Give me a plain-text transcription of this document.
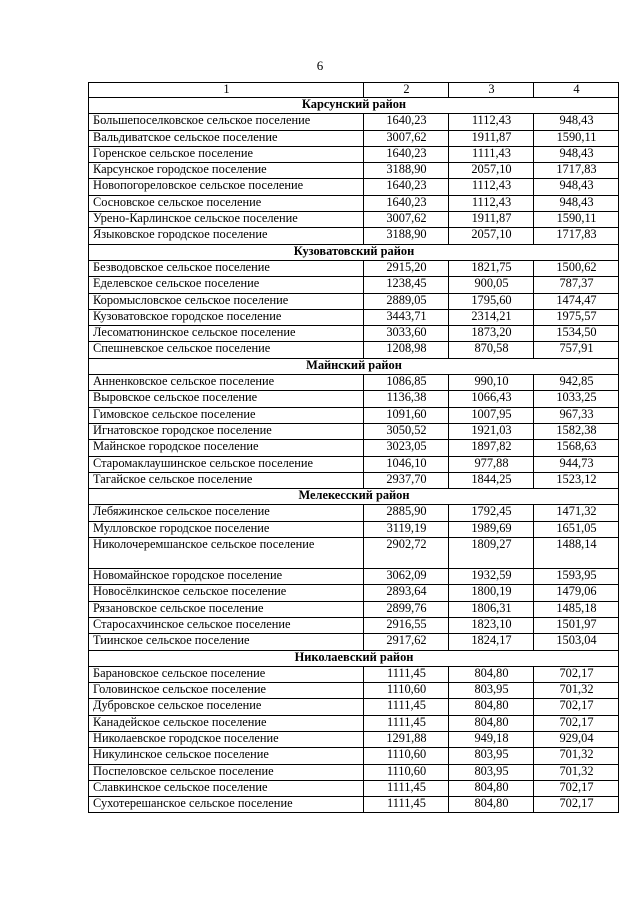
6
1	2	3	4
Карсунский район			
Большепоселковское сельское поселение	1640,23	1112,43	948,43
Вальдиватское сельское поселение	3007,62	1911,87	1590,11
Горенское сельское поселение	1640,23	1111,43	948,43
Карсунское городское поселение	3188,90	2057,10	1717,83
Новопогореловское сельское поселение	1640,23	1112,43	948,43
Сосновское сельское поселение	1640,23	1112,43	948,43
Урено-Карлинское сельское поселение	3007,62	1911,87	1590,11
Языковское городское поселение	3188,90	2057,10	1717,83
Кузоватовский район			
Безводовское сельское поселение	2915,20	1821,75	1500,62
Еделевское сельское поселение	1238,45	900,05	787,37
Коромысловское сельское поселение	2889,05	1795,60	1474,47
Кузоватовское городское поселение	3443,71	2314,21	1975,57
Лесоматюнинское сельское поселение	3033,60	1873,20	1534,50
Спешневское сельское поселение	1208,98	870,58	757,91
Майнский район			
Анненковское сельское поселение	1086,85	990,10	942,85
Выровское сельское поселение	1136,38	1066,43	1033,25
Гимовское сельское поселение	1091,60	1007,95	967,33
Игнатовское городское поселение	3050,52	1921,03	1582,38
Майнское городское поселение	3023,05	1897,82	1568,63
Старомаклаушинское сельское поселение	1046,10	977,88	944,73
Тагайское сельское поселение	2937,70	1844,25	1523,12
Мелекесский район			
Лебяжинское сельское поселение	2885,90	1792,45	1471,32
Мулловское городское поселение	3119,19	1989,69	1651,05
Николочеремшанское сельское поселение	2902,72	1809,27	1488,14
Новомайнское городское поселение	3062,09	1932,59	1593,95
Новосёлкинское сельское поселение	2893,64	1800,19	1479,06
Рязановское сельское поселение	2899,76	1806,31	1485,18
Старосахчинское сельское поселение	2916,55	1823,10	1501,97
Тиинское сельское поселение	2917,62	1824,17	1503,04
Николаевский район			
Барановское сельское поселение	1111,45	804,80	702,17
Головинское сельское поселение	1110,60	803,95	701,32
Дубровское сельское поселение	1111,45	804,80	702,17
Канадейское сельское поселение	1111,45	804,80	702,17
Николаевское городское поселение	1291,88	949,18	929,04
Никулинское сельское поселение	1110,60	803,95	701,32
Поспеловское сельское поселение	1110,60	803,95	701,32
Славкинское сельское поселение	1111,45	804,80	702,17
Сухотерешанское сельское поселение	1111,45	804,80	702,17
